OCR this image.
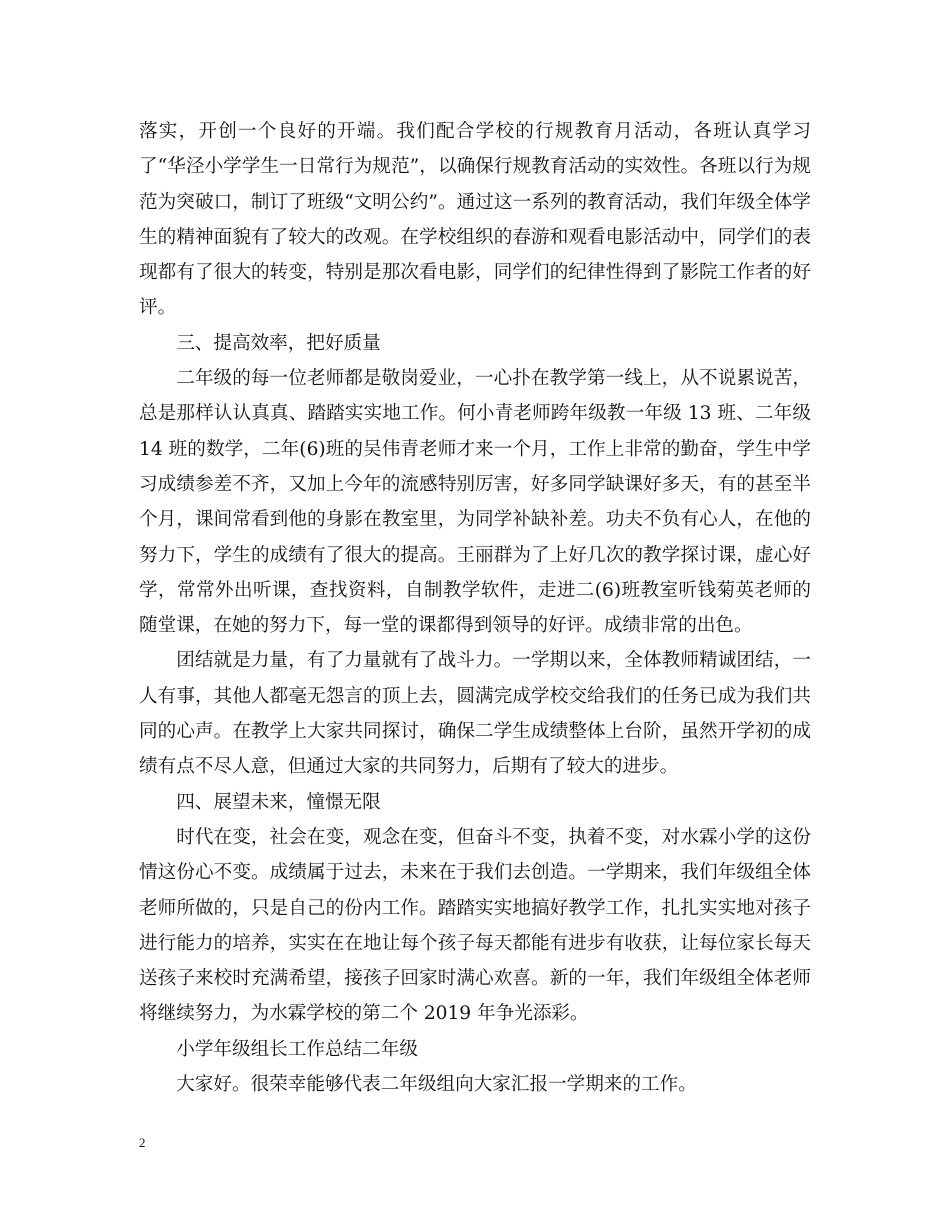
落实，开创一个良好的开端。我们配合学校的行规教育月活动，各班认真学习了“华泾小学学生一日常行为规范”，以确保行规教育活动的实效性。各班以行为规范为突破口，制订了班级“文明公约”。通过这一系列的教育活动，我们年级全体学生的精神面貌有了较大的改观。在学校组织的春游和观看电影活动中，同学们的表现都有了很大的转变，特别是那次看电影，同学们的纪律性得到了影院工作者的好评。

三、提高效率，把好质量

二年级的每一位老师都是敬岗爱业，一心扑在教学第一线上，从不说累说苦，总是那样认认真真、踏踏实实地工作。何小青老师跨年级教一年级 13 班、二年级 14 班的数学，二年(6)班的吴伟青老师才来一个月，工作上非常的勤奋，学生中学习成绩参差不齐，又加上今年的流感特别厉害，好多同学缺课好多天，有的甚至半个月，课间常看到他的身影在教室里，为同学补缺补差。功夫不负有心人，在他的努力下，学生的成绩有了很大的提高。王丽群为了上好几次的教学探讨课，虚心好学，常常外出听课，查找资料，自制教学软件，走进二(6)班教室听钱菊英老师的随堂课，在她的努力下，每一堂的课都得到领导的好评。成绩非常的出色。

团结就是力量，有了力量就有了战斗力。一学期以来，全体教师精诚团结，一人有事，其他人都毫无怨言的顶上去，圆满完成学校交给我们的任务已成为我们共同的心声。在教学上大家共同探讨，确保二学生成绩整体上台阶，虽然开学初的成绩有点不尽人意，但通过大家的共同努力，后期有了较大的进步。

四、展望未来，憧憬无限

时代在变，社会在变，观念在变，但奋斗不变，执着不变，对水霖小学的这份情这份心不变。成绩属于过去，未来在于我们去创造。一学期来，我们年级组全体老师所做的，只是自己的份内工作。踏踏实实地搞好教学工作，扎扎实实地对孩子进行能力的培养，实实在在地让每个孩子每天都能有进步有收获，让每位家长每天送孩子来校时充满希望，接孩子回家时满心欢喜。新的一年，我们年级组全体老师将继续努力，为水霖学校的第二个 2019 年争光添彩。

小学年级组长工作总结二年级

大家好。很荣幸能够代表二年级组向大家汇报一学期来的工作。

2
